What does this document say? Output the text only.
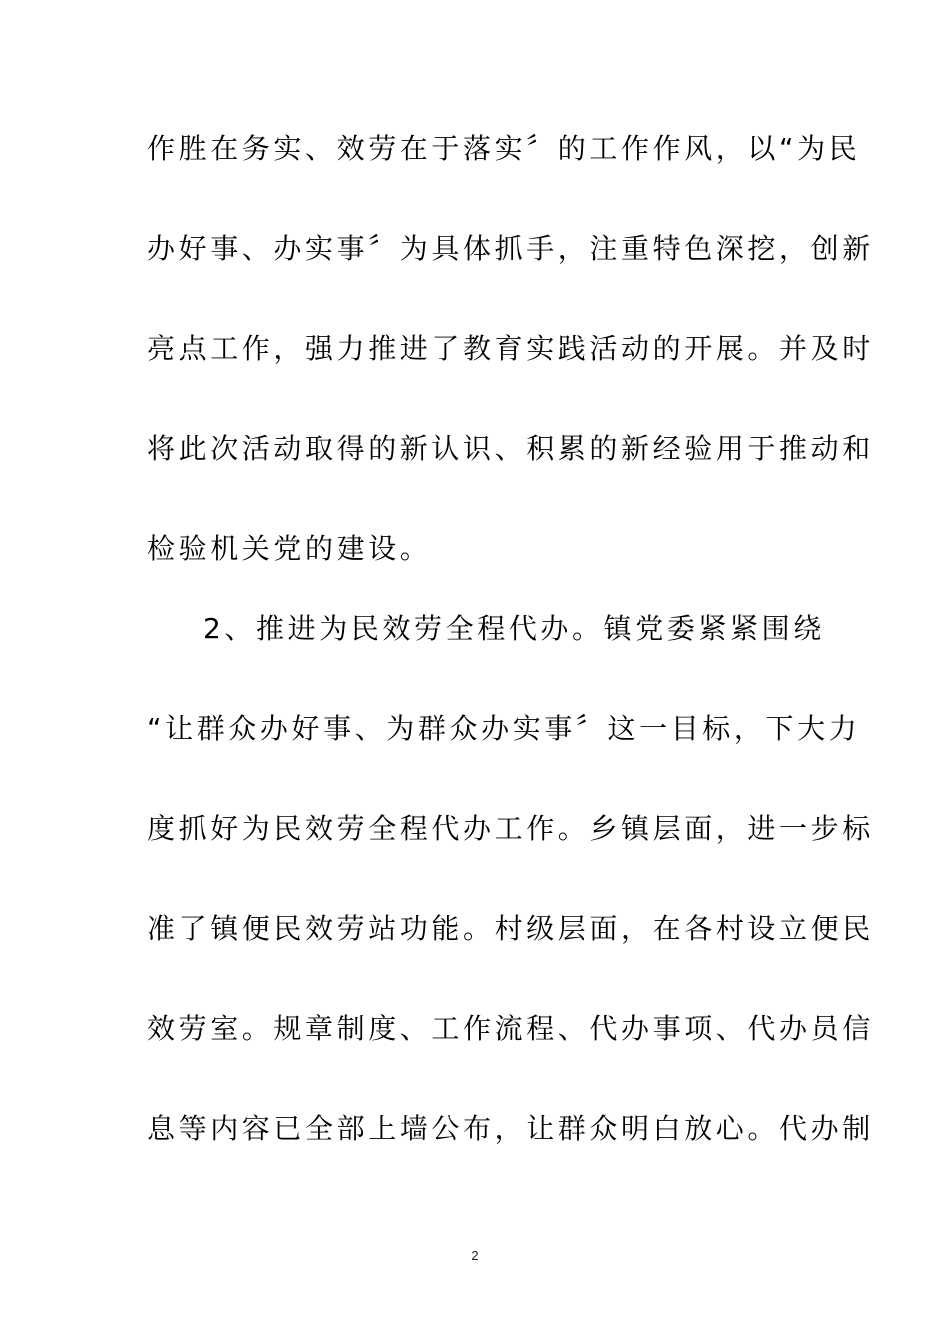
作胜在务实、效劳在于落实〞的工作作风，以“为民
办好事、办实事〞为具体抓手，注重特色深挖，创新
亮点工作，强力推进了教育实践活动的开展。并及时
将此次活动取得的新认识、积累的新经验用于推动和
检验机关党的建设。
2、推进为民效劳全程代办。镇党委紧紧围绕
“让群众办好事、为群众办实事〞这一目标，下大力
度抓好为民效劳全程代办工作。乡镇层面，进一步标
准了镇便民效劳站功能。村级层面，在各村设立便民
效劳室。规章制度、工作流程、代办事项、代办员信
息等内容已全部上墙公布，让群众明白放心。代办制
2
